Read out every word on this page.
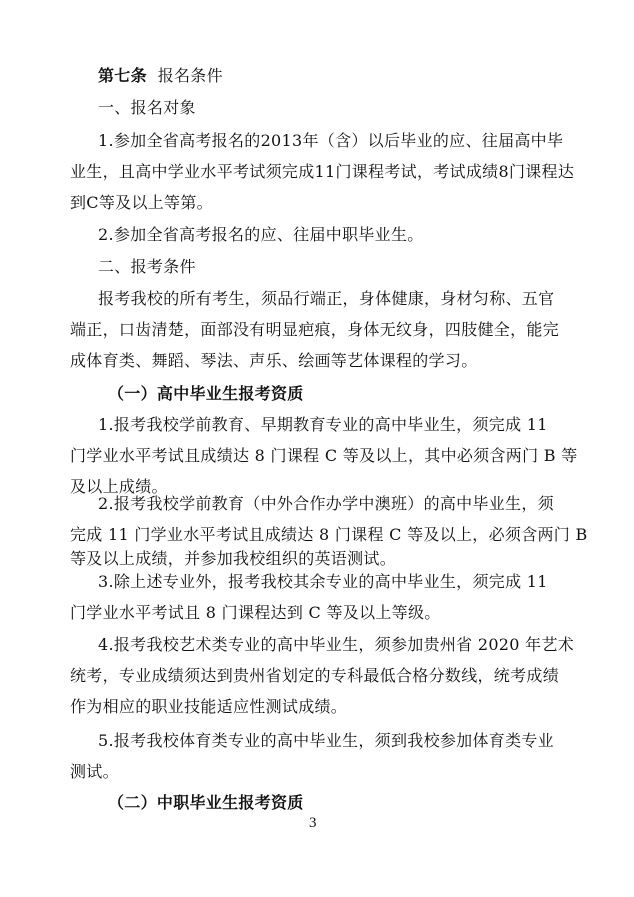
第七条 报名条件
一、报名对象
1.参加全省高考报名的2013年（含）以后毕业的应、往届高中毕
业生，且高中学业水平考试须完成11门课程考试，考试成绩8门课程达
到C等及以上等第。
2.参加全省高考报名的应、往届中职毕业生。
二、报考条件
报考我校的所有考生，须品行端正，身体健康，身材匀称、五官
端正，口齿清楚，面部没有明显疤痕，身体无纹身，四肢健全，能完
成体育类、舞蹈、琴法、声乐、绘画等艺体课程的学习。
（一）高中毕业生报考资质
1.报考我校学前教育、早期教育专业的高中毕业生，须完成 11
门学业水平考试且成绩达 8 门课程 C 等及以上，其中必须含两门 B 等
及以上成绩。
2.报考我校学前教育（中外合作办学中澳班）的高中毕业生，须
完成 11 门学业水平考试且成绩达 8 门课程 C 等及以上，必须含两门 B
等及以上成绩，并参加我校组织的英语测试。
3.除上述专业外，报考我校其余专业的高中毕业生，须完成 11
门学业水平考试且 8 门课程达到 C 等及以上等级。
4.报考我校艺术类专业的高中毕业生，须参加贵州省 2020 年艺术
统考，专业成绩须达到贵州省划定的专科最低合格分数线，统考成绩
作为相应的职业技能适应性测试成绩。
3
5.报考我校体育类专业的高中毕业生，须到我校参加体育类专业
测试。
（二）中职毕业生报考资质
